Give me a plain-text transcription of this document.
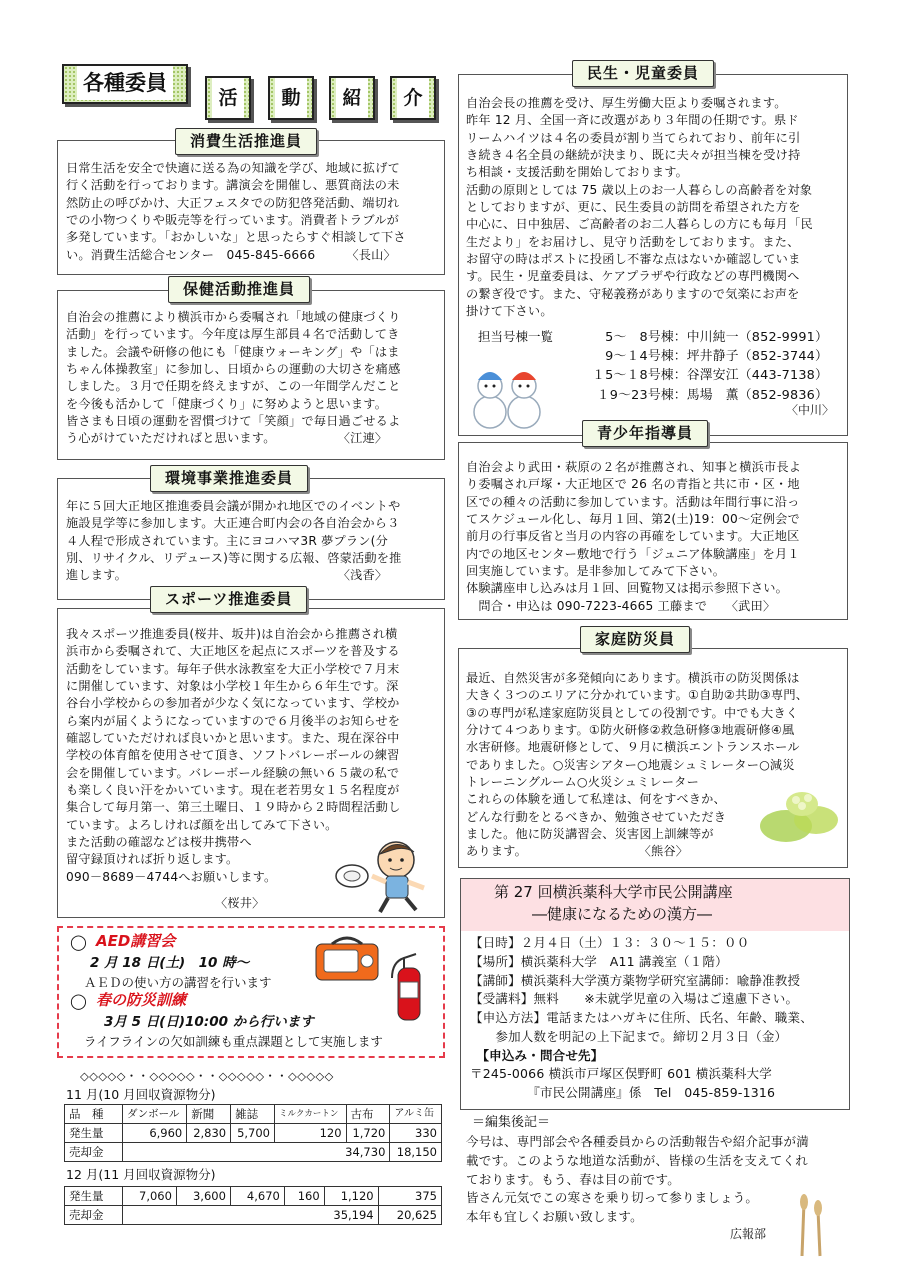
各種委員
活	動	紹	介
消費生活推進員
日常生活を安全で快適に送る為の知識を学び、地域に拡げて
行く活動を行っております。講演会を開催し、悪質商法の未
然防止の呼びかけ、大正フェスタでの防犯啓発活動、端切れ
での小物つくりや販売等を行っています。消費者トラブルが
多発しています。「おかしいな」と思ったらすぐ相談して下さ
い。消費生活総合センター　045-845-6666　　　〈長山〉
保健活動推進員
自治会の推薦により横浜市から委嘱され「地域の健康づくり
活動」を行っています。今年度は厚生部員４名で活動してき
ました。会議や研修の他にも「健康ウォーキング」や「はま
ちゃん体操教室」に参加し、日頃からの運動の大切さを痛感
しました。３月で任期を終えますが、この一年間学んだこと
を今後も活かして「健康づくり」に努めようと思います。
皆さまも日頃の運動を習慣づけて「笑顔」で毎日過ごせるよ
う心がけていただければと思います。　　　　　　〈江連〉
環境事業推進委員
年に５回大正地区推進委員会議が開かれ地区でのイベントや
施設見学等に参加します。大正連合町内会の各自治会から３
４人程で形成されています。主にヨコハマ3R 夢プラン(分
別、リサイクル、リデュース)等に関する広報、啓蒙活動を推
進します。　　　　　　　　　　　　　　　　　　〈浅香〉
スポーツ推進委員
我々スポーツ推進委員(桜井、坂井)は自治会から推薦され横
浜市から委嘱されて、大正地区を起点にスポーツを普及する
活動をしています。毎年子供水泳教室を大正小学校で７月末
に開催しています、対象は小学校１年生から６年生です。深
谷台小学校からの参加者が少なく気になっています、学校か
ら案内が届くようになっていますので６月後半のお知らせを
確認していただければ良いかと思います。また、現在深谷中
学校の体育館を使用させて頂き、ソフトバレーボールの練習
会を開催しています。バレーボール経験の無い６５歳の私で
も楽しく良い汗をかいています。現在老若男女１５名程度が
集合して毎月第一、第三土曜日、１９時から２時間程活動し
ています。よろしければ顔を出してみて下さい。
また活動の確認などは桜井携帯へ
留守録頂ければ折り返します。
090－8689－4744へお願いします。
〈桜井〉
◯ AED講習会
2 月 18 日(土)　10 時～
ＡＥＤの使い方の講習を行います
◯ 春の防災訓練
3月 5 日(日)10:00 から行います
ライフラインの欠如訓練も重点課題として実施します
◇◇◇◇◇・・◇◇◇◇◇・・◇◇◇◇◇・・◇◇◇◇◇
11 月(10 月回収資源物分)
品　種	ダンボール	新聞	雑誌	ミルクカートン	古布	アルミ缶
発生量	6,960	2,830	5,700	120	1,720	330
売却金	34,730					18,150
12 月(11 月回収資源物分)
発生量	7,060	3,600	4,670	160	1,120	375
売却金	35,194					20,625
民生・児童委員
自治会長の推薦を受け、厚生労働大臣より委嘱されます。
昨年 12 月、全国一斉に改選があり３年間の任期です。県ド
リームハイツは４名の委員が割り当てられており、前年に引
き続き４名全員の継続が決まり、既に夫々が担当棟を受け持
ち相談・支援活動を開始しております。
活動の原則としては 75 歳以上のお一人暮らしの高齢者を対象
としておりますが、更に、民生委員の訪問を希望された方を
中心に、日中独居、ご高齢者のお二人暮らしの方にも毎月「民
生だより」をお届けし、見守り活動をしております。また、
お留守の時はポストに投函し不審な点はないか確認していま
す。民生・児童委員は、ケアプラザや行政などの専門機関へ
の繋ぎ役です。また、守秘義務がありますので気楽にお声を
掛けて下さい。
担当号棟一覧	5～　8号棟：中川純一（852-9991）
9～１4号棟：坪井静子（852-3744）
１5～１8号棟：谷澤安江（443-7138）
１9～23号棟：馬場　薫（852-9836）
〈中川〉
青少年指導員
自治会より武田・萩原の２名が推薦され、知事と横浜市長よ
り委嘱され戸塚・大正地区で 26 名の青指と共に市・区・地
区での種々の活動に参加しています。活動は年間行事に沿っ
てスケジュール化し、毎月１回、第2(土)19：00～定例会で
前月の行事反省と当月の内容の再確をしています。大正地区
内での地区センター敷地で行う「ジュニア体験講座」を月１
回実施しています。是非参加してみて下さい。
体験講座申し込みは月１回、回覧物又は掲示参照下さい。
　問合・申込は 090-7223-4665 工藤まで　　〈武田〉
家庭防災員
最近、自然災害が多発傾向にあります。横浜市の防災関係は
大きく３つのエリアに分かれています。①自助②共助③専門、
③の専門が私達家庭防災員としての役割です。中でも大きく
分けて４つあります。①防火研修②救急研修③地震研修④風
水害研修。地震研修として、９月に横浜エントランスホール
でありました。○災害シアター○地震シュミレーター○減災
トレーニングルーム○火災シュミレーター
これらの体験を通して私達は、何をすべきか、
どんな行動をとるべきか、勉強させていただき
ました。他に防災講習会、災害図上訓練等が
あります。　　　　　　　　　　〈熊谷〉
第 27 回横浜薬科大学市民公開講座
―健康になるための漢方―
【日時】２月４日（土）１３：３０～１５：００
【場所】横浜薬科大学　A11 講義室（１階）
【講師】横浜薬科大学漢方薬物学研究室講師：喩静准教授
【受講料】無料　　※未就学児童の入場はご遠慮下さい。
【申込方法】電話またはハガキに住所、氏名、年齢、職業、
　　参加人数を明記の上下記まで。締切２月３日（金）
　【申込み・問合せ先】
〒245-0066 横浜市戸塚区俣野町 601 横浜薬科大学
　　　　　『市民公開講座』係　Tel　045-859-1316
＝編集後記＝
今号は、専門部会や各種委員からの活動報告や紹介記事が満
載です。このような地道な活動が、皆様の生活を支えてくれ
ております。もう、春は目の前です。
皆さん元気でこの寒さを乗り切って参りましょう。
本年も宜しくお願い致します。
広報部
